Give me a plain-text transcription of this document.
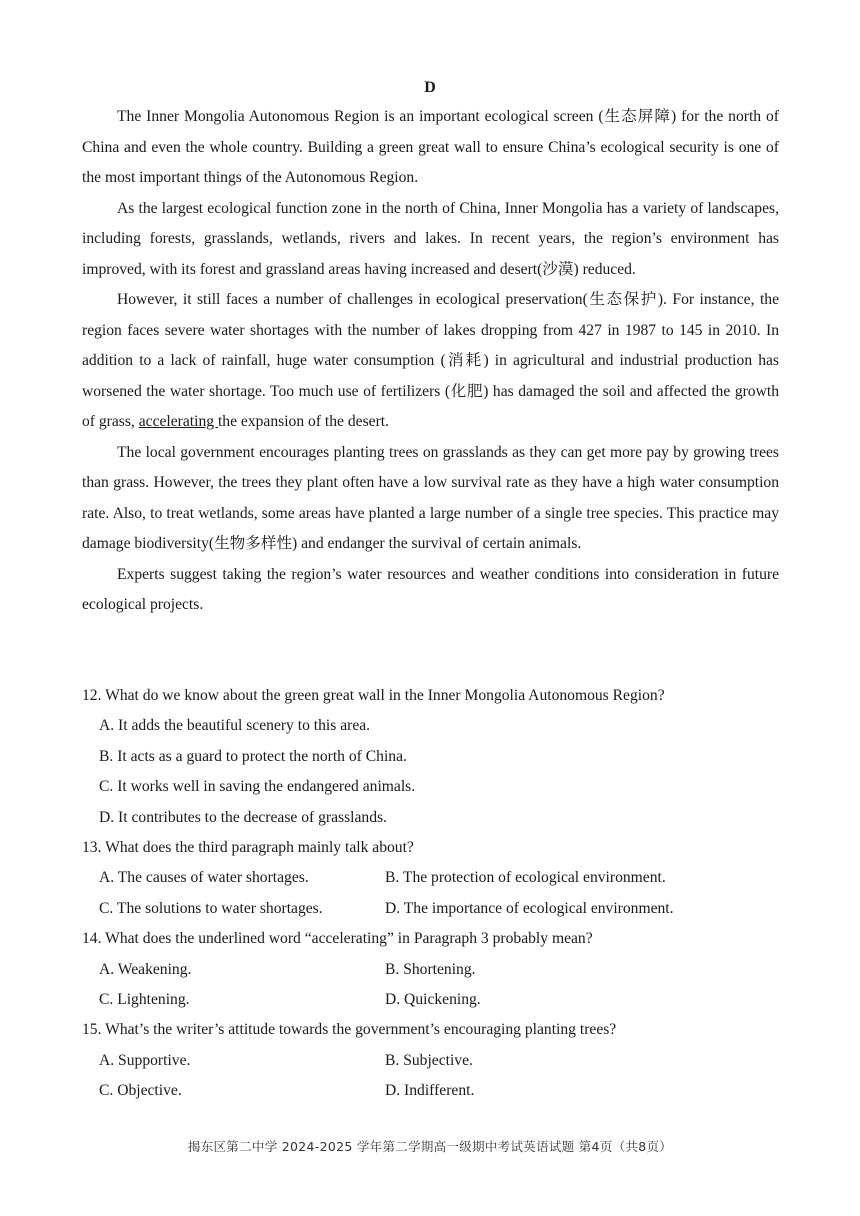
D

The Inner Mongolia Autonomous Region is an important ecological screen (生态屏障) for the north of China and even the whole country. Building a green great wall to ensure China’s ecological security is one of the most important things of the Autonomous Region.

As the largest ecological function zone in the north of China, Inner Mongolia has a variety of landscapes, including forests, grasslands, wetlands, rivers and lakes. In recent years, the region’s environment has improved, with its forest and grassland areas having increased and desert(沙漠) reduced.

However, it still faces a number of challenges in ecological preservation(生态保护). For instance, the region faces severe water shortages with the number of lakes dropping from 427 in 1987 to 145 in 2010. In addition to a lack of rainfall, huge water consumption (消耗) in agricultural and industrial production has worsened the water shortage. Too much use of fertilizers (化肥) has damaged the soil and affected the growth of grass, accelerating the expansion of the desert.

The local government encourages planting trees on grasslands as they can get more pay by growing trees than grass. However, the trees they plant often have a low survival rate as they have a high water consumption rate. Also, to treat wetlands, some areas have planted a large number of a single tree species. This practice may damage biodiversity(生物多样性) and endanger the survival of certain animals.

Experts suggest taking the region’s water resources and weather conditions into consideration in future ecological projects.

12. What do we know about the green great wall in the Inner Mongolia Autonomous Region?
A. It adds the beautiful scenery to this area.
B. It acts as a guard to protect the north of China.
C. It works well in saving the endangered animals.
D. It contributes to the decrease of grasslands.
13. What does the third paragraph mainly talk about?
A. The causes of water shortages.	B. The protection of ecological environment.
C. The solutions to water shortages.	D. The importance of ecological environment.
14. What does the underlined word “accelerating” in Paragraph 3 probably mean?
A. Weakening.	B. Shortening.
C. Lightening.	D. Quickening.
15. What’s the writer’s attitude towards the government’s encouraging planting trees?
A. Supportive.	B. Subjective.
C. Objective.	D. Indifferent.
揭东区第二中学 2024-2025 学年第二学期高一级期中考试英语试题 第4页（共8页）
